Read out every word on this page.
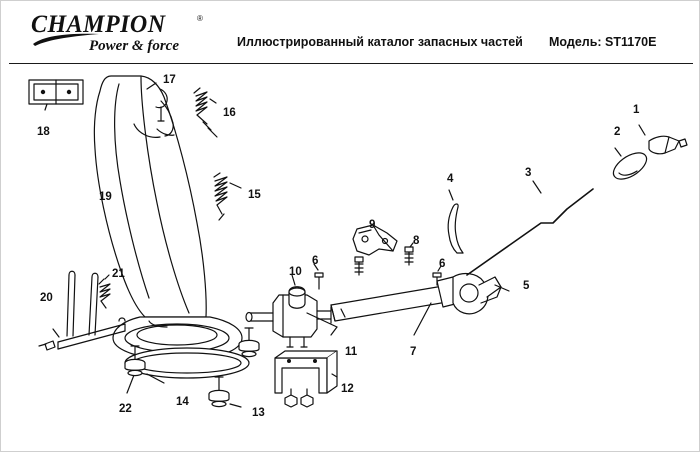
CHAMPION	®
Power & force	Иллюстрированный каталог запасных частей Модель: ST1170E
1
2
3
4
5
6	6
7
8
9
10
11
12
13
14
15
16
17
18
19
20
21
22
